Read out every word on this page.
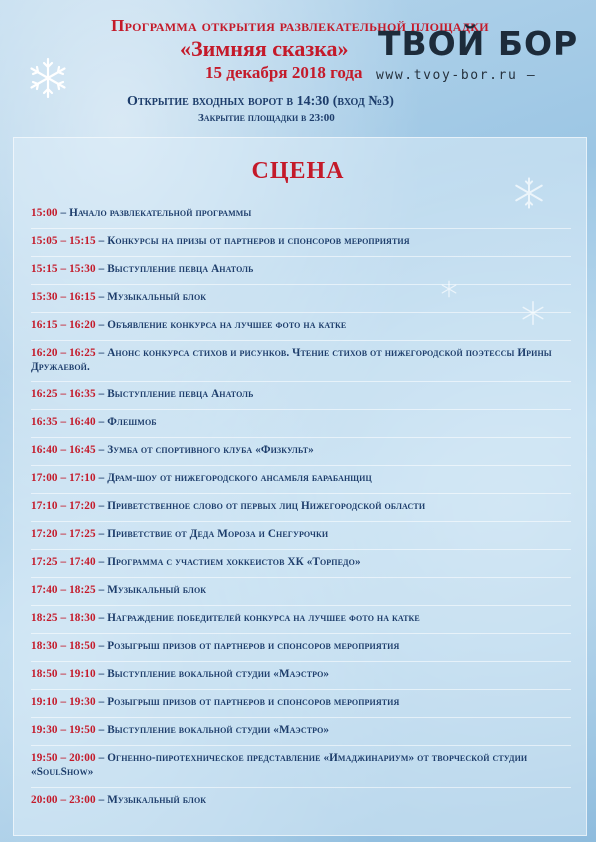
Программа открытия развлекательной площадки
«Зимняя сказка»
15 декабря 2018 года
ТВОЙ БОР
www.tvoy-bor.ru –
Открытие входных ворот в 14:30 (вход №3)
Закрытие площадки в 23:00
СЦЕНА
15:00 – Начало развлекательной программы
15:05 – 15:15 – Конкурсы на призы от партнеров и спонсоров мероприятия
15:15 – 15:30 – Выступление певца Анатоль
15:30 – 16:15 – Музыкальный блок
16:15 – 16:20 – Объявление конкурса на лучшее фото на катке
16:20 – 16:25 – Анонс конкурса стихов и рисунков. Чтение стихов от нижегородской поэтессы Ирины Дружаевой.
16:25 – 16:35 – Выступление певца Анатоль
16:35 – 16:40 – Флешмоб
16:40 – 16:45 – Зумба от спортивного клуба «Физкульт»
17:00 – 17:10 – Драм-шоу от нижегородского ансамбля барабанщиц
17:10 – 17:20 – Приветственное слово от первых лиц Нижегородской области
17:20 – 17:25 – Приветствие от Деда Мороза и Снегурочки
17:25 – 17:40 – Программа с участием хоккеистов ХК «Торпедо»
17:40 – 18:25 – Музыкальный блок
18:25 – 18:30 – Награждение победителей конкурса на лучшее фото на катке
18:30 – 18:50 – Розыгрыш призов от партнеров и спонсоров мероприятия
18:50 – 19:10 – Выступление вокальной студии «Маэстро»
19:10 – 19:30 – Розыгрыш призов от партнеров и спонсоров мероприятия
19:30 – 19:50 – Выступление вокальной студии «Маэстро»
19:50 – 20:00 – Огненно-пиротехническое представление «Имаджинариум» от творческой студии «SoulShow»
20:00 – 23:00 – Музыкальный блок
